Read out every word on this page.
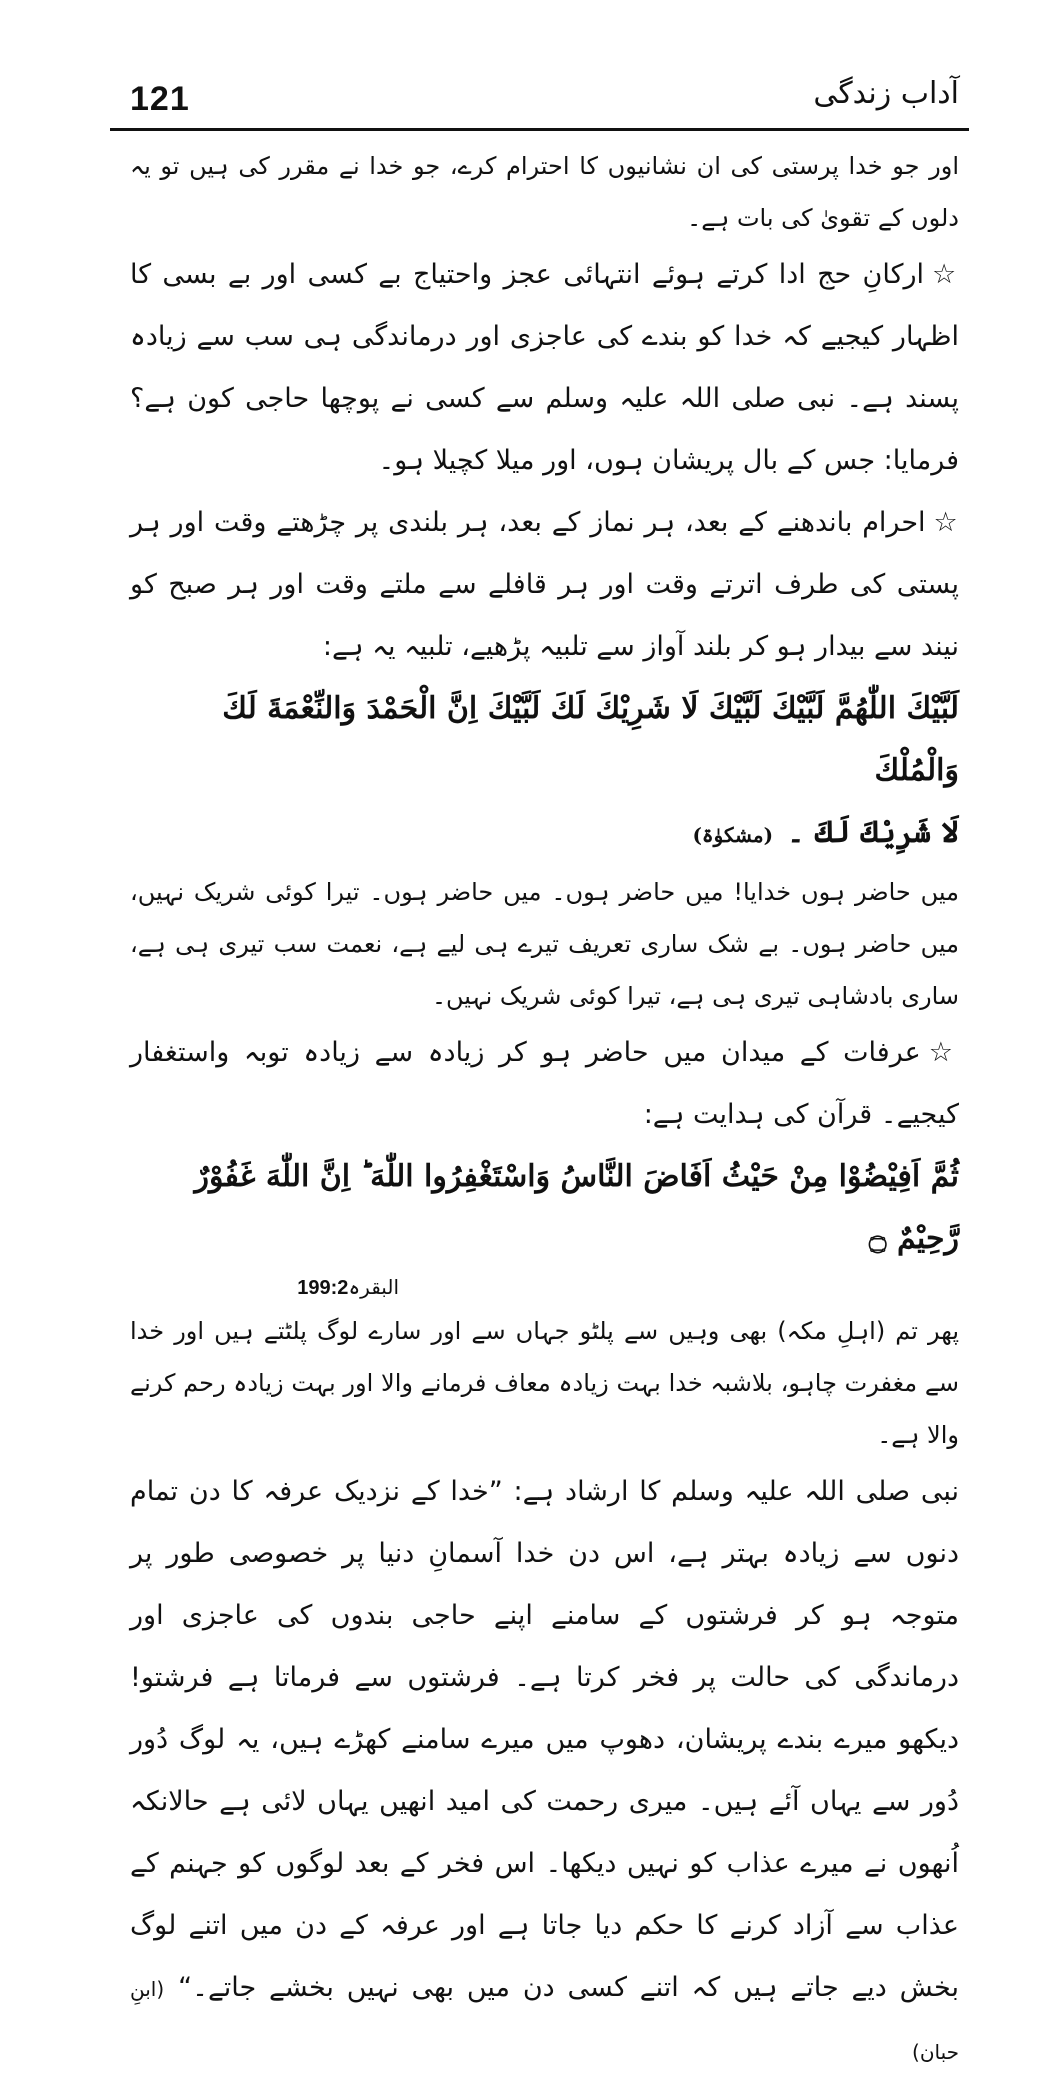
121	آداب زندگی

اور جو خدا پرستی کی ان نشانیوں کا احترام کرے، جو خدا نے مقرر کی ہیں تو یہ دلوں کے تقویٰ کی بات ہے۔

☆ارکانِ حج ادا کرتے ہوئے انتہائی عجز واحتیاج بے کسی اور بے بسی کا اظہار کیجیے کہ خدا کو بندے کی عاجزی اور درماندگی ہی سب سے زیادہ پسند ہے۔ نبی صلی اللہ علیہ وسلم سے کسی نے پوچھا حاجی کون ہے؟ فرمایا: جس کے بال پریشان ہوں، اور میلا کچیلا ہو۔

☆احرام باندھنے کے بعد، ہر نماز کے بعد، ہر بلندی پر چڑھتے وقت اور ہر پستی کی طرف اترتے وقت اور ہر قافلے سے ملتے وقت اور ہر صبح کو نیند سے بیدار ہو کر بلند آواز سے تلبیہ پڑھیے، تلبیہ یہ ہے:

لَبَّيْكَ اللّٰهُمَّ لَبَّيْكَ لَبَّيْكَ لَا شَرِيْكَ لَكَ لَبَّيْكَ اِنَّ الْحَمْدَ وَالنِّعْمَةَ لَكَ وَالْمُلْكَ

لَا شَرِيْكَ لَكَ ۔(مشکوٰۃ)

میں حاضر ہوں خدایا! میں حاضر ہوں۔ میں حاضر ہوں۔ تیرا کوئی شریک نہیں، میں حاضر ہوں۔ بے شک ساری تعریف تیرے ہی لیے ہے، نعمت سب تیری ہی ہے، ساری بادشاہی تیری ہی ہے، تیرا کوئی شریک نہیں۔

☆عرفات کے میدان میں حاضر ہو کر زیادہ سے زیادہ توبہ واستغفار کیجیے۔ قرآن کی ہدایت ہے:

ثُمَّ اَفِيْضُوْا مِنْ حَيْثُ اَفَاضَ النَّاسُ وَاسْتَغْفِرُوا اللّٰهَ ؕ اِنَّ اللّٰهَ غَفُوْرٌ رَّحِيْمٌ ۝

البقرہ199:2

پھر تم (اہلِ مکہ) بھی وہیں سے پلٹو جہاں سے اور سارے لوگ پلٹتے ہیں اور خدا سے مغفرت چاہو، بلاشبہ خدا بہت زیادہ معاف فرمانے والا اور بہت زیادہ رحم کرنے والا ہے۔

نبی صلی اللہ علیہ وسلم کا ارشاد ہے: ”خدا کے نزدیک عرفہ کا دن تمام دنوں سے زیادہ بہتر ہے، اس دن خدا آسمانِ دنیا پر خصوصی طور پر متوجہ ہو کر فرشتوں کے سامنے اپنے حاجی بندوں کی عاجزی اور درماندگی کی حالت پر فخر کرتا ہے۔ فرشتوں سے فرماتا ہے فرشتو! دیکھو میرے بندے پریشان، دھوپ میں میرے سامنے کھڑے ہیں، یہ لوگ دُور دُور سے یہاں آئے ہیں۔ میری رحمت کی امید انھیں یہاں لائی ہے حالانکہ اُنھوں نے میرے عذاب کو نہیں دیکھا۔ اس فخر کے بعد لوگوں کو جہنم کے عذاب سے آزاد کرنے کا حکم دیا جاتا ہے اور عرفہ کے دن میں اتنے لوگ بخش دیے جاتے ہیں کہ اتنے کسی دن میں بھی نہیں بخشے جاتے۔“(ابنِ حبان)
